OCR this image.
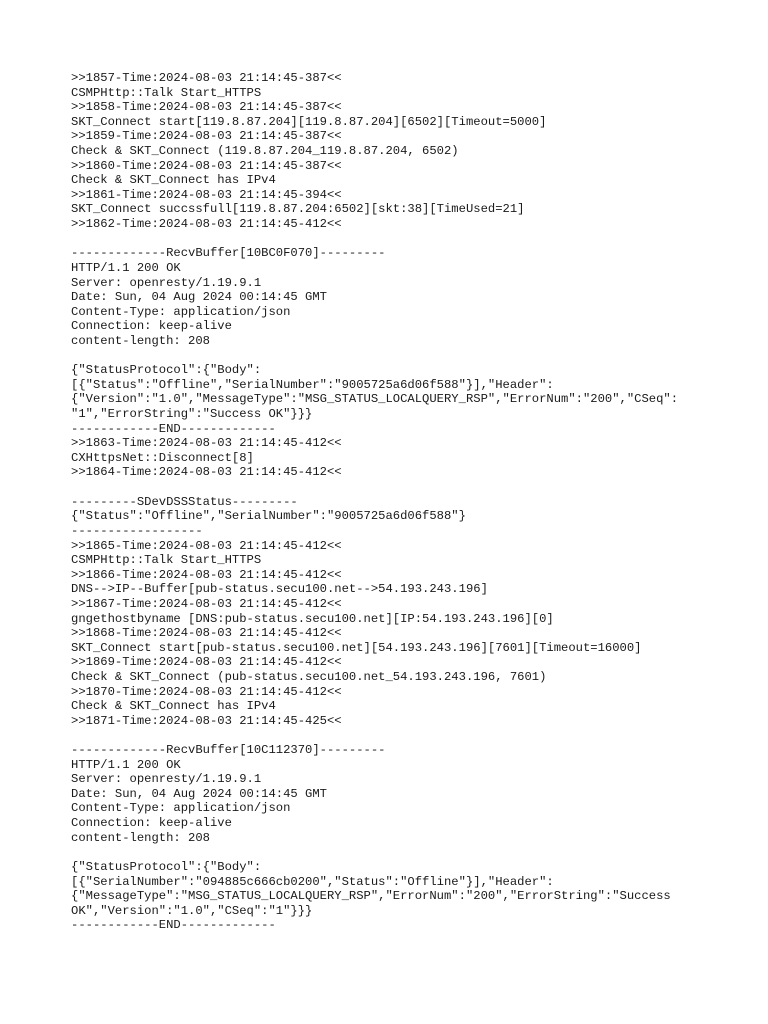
>>1857-Time:2024-08-03 21:14:45-387<<
CSMPHttp::Talk Start_HTTPS
>>1858-Time:2024-08-03 21:14:45-387<<
SKT_Connect start[119.8.87.204][119.8.87.204][6502][Timeout=5000]
>>1859-Time:2024-08-03 21:14:45-387<<
Check & SKT_Connect (119.8.87.204_119.8.87.204, 6502)
>>1860-Time:2024-08-03 21:14:45-387<<
Check & SKT_Connect has IPv4
>>1861-Time:2024-08-03 21:14:45-394<<
SKT_Connect succssfull[119.8.87.204:6502][skt:38][TimeUsed=21]
>>1862-Time:2024-08-03 21:14:45-412<<
-------------RecvBuffer[10BC0F070]---------
HTTP/1.1 200 OK
Server: openresty/1.19.9.1
Date: Sun, 04 Aug 2024 00:14:45 GMT
Content-Type: application/json
Connection: keep-alive
content-length: 208
{"StatusProtocol":{"Body":
[{"Status":"Offline","SerialNumber":"9005725a6d06f588"}],"Header":
{"Version":"1.0","MessageType":"MSG_STATUS_LOCALQUERY_RSP","ErrorNum":"200","CSeq":
"1","ErrorString":"Success OK"}}}
------------END-------------
>>1863-Time:2024-08-03 21:14:45-412<<
CXHttpsNet::Disconnect[8]
>>1864-Time:2024-08-03 21:14:45-412<<
---------SDevDSSStatus---------
{"Status":"Offline","SerialNumber":"9005725a6d06f588"}
------------------
>>1865-Time:2024-08-03 21:14:45-412<<
CSMPHttp::Talk Start_HTTPS
>>1866-Time:2024-08-03 21:14:45-412<<
DNS-->IP--Buffer[pub-status.secu100.net-->54.193.243.196]
>>1867-Time:2024-08-03 21:14:45-412<<
gngethostbyname [DNS:pub-status.secu100.net][IP:54.193.243.196][0]
>>1868-Time:2024-08-03 21:14:45-412<<
SKT_Connect start[pub-status.secu100.net][54.193.243.196][7601][Timeout=16000]
>>1869-Time:2024-08-03 21:14:45-412<<
Check & SKT_Connect (pub-status.secu100.net_54.193.243.196, 7601)
>>1870-Time:2024-08-03 21:14:45-412<<
Check & SKT_Connect has IPv4
>>1871-Time:2024-08-03 21:14:45-425<<
-------------RecvBuffer[10C112370]---------
HTTP/1.1 200 OK
Server: openresty/1.19.9.1
Date: Sun, 04 Aug 2024 00:14:45 GMT
Content-Type: application/json
Connection: keep-alive
content-length: 208
{"StatusProtocol":{"Body":
[{"SerialNumber":"094885c666cb0200","Status":"Offline"}],"Header":
{"MessageType":"MSG_STATUS_LOCALQUERY_RSP","ErrorNum":"200","ErrorString":"Success
OK","Version":"1.0","CSeq":"1"}}}
------------END-------------
